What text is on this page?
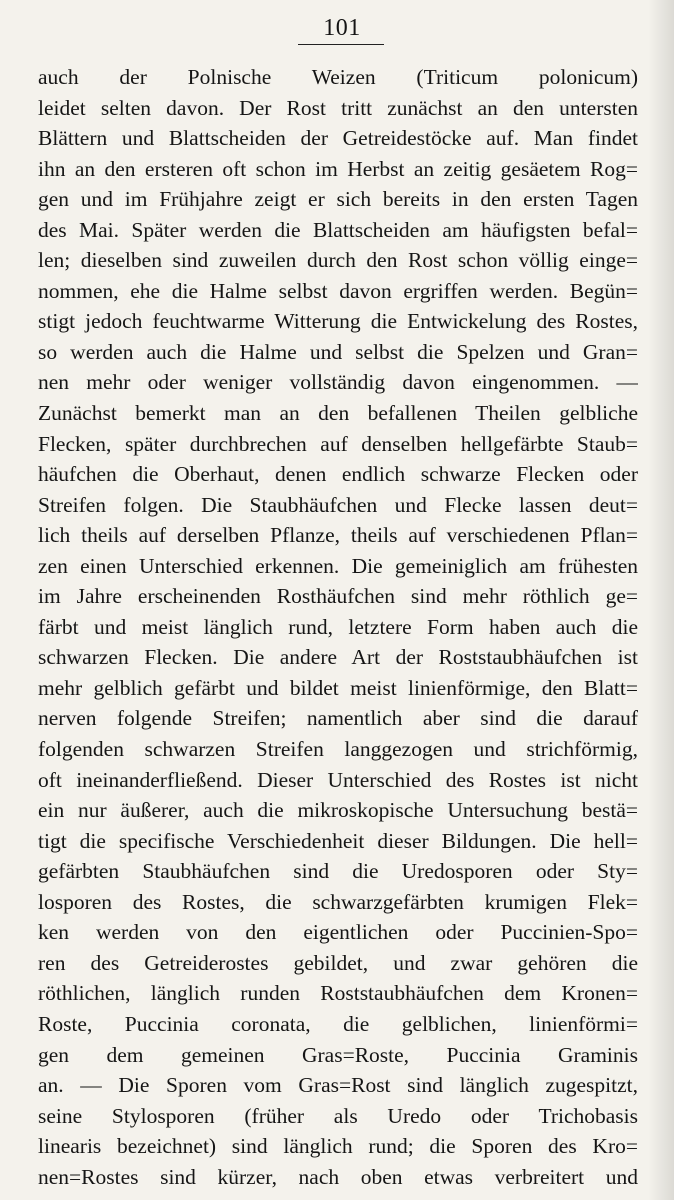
101
auch der Polnische Weizen (Triticum polonicum)
leidet selten davon. Der Rost tritt zunächst an den untersten
Blättern und Blattscheiden der Getreidestöcke auf. Man findet
ihn an den ersteren oft schon im Herbst an zeitig gesäetem Rog=
gen und im Frühjahre zeigt er sich bereits in den ersten Tagen
des Mai. Später werden die Blattscheiden am häufigsten befal=
len; dieselben sind zuweilen durch den Rost schon völlig einge=
nommen, ehe die Halme selbst davon ergriffen werden. Begün=
stigt jedoch feuchtwarme Witterung die Entwickelung des Rostes,
so werden auch die Halme und selbst die Spelzen und Gran=
nen mehr oder weniger vollständig davon eingenommen. —
Zunächst bemerkt man an den befallenen Theilen gelbliche
Flecken, später durchbrechen auf denselben hellgefärbte Staub=
häufchen die Oberhaut, denen endlich schwarze Flecken oder
Streifen folgen. Die Staubhäufchen und Flecke lassen deut=
lich theils auf derselben Pflanze, theils auf verschiedenen Pflan=
zen einen Unterschied erkennen. Die gemeiniglich am frühesten
im Jahre erscheinenden Rosthäufchen sind mehr röthlich ge=
färbt und meist länglich rund, letztere Form haben auch die
schwarzen Flecken. Die andere Art der Roststaubhäufchen ist
mehr gelblich gefärbt und bildet meist linienförmige, den Blatt=
nerven folgende Streifen; namentlich aber sind die darauf
folgenden schwarzen Streifen langgezogen und strichförmig,
oft ineinanderfließend. Dieser Unterschied des Rostes ist nicht
ein nur äußerer, auch die mikroskopische Untersuchung bestä=
tigt die specifische Verschiedenheit dieser Bildungen. Die hell=
gefärbten Staubhäufchen sind die Uredosporen oder Sty=
losporen des Rostes, die schwarzgefärbten krumigen Flek=
ken werden von den eigentlichen oder Puccinien-Spo=
ren des Getreiderostes gebildet, und zwar gehören die
röthlichen, länglich runden Roststaubhäufchen dem Kronen=
Roste, Puccinia coronata, die gelblichen, linienförmi=
gen dem gemeinen Gras=Roste, Puccinia Graminis
an. — Die Sporen vom Gras=Rost sind länglich zugespitzt,
seine Stylosporen (früher als Uredo oder Trichobasis
linearis bezeichnet) sind länglich rund; die Sporen des Kro=
nen=Rostes sind kürzer, nach oben etwas verbreitert und
